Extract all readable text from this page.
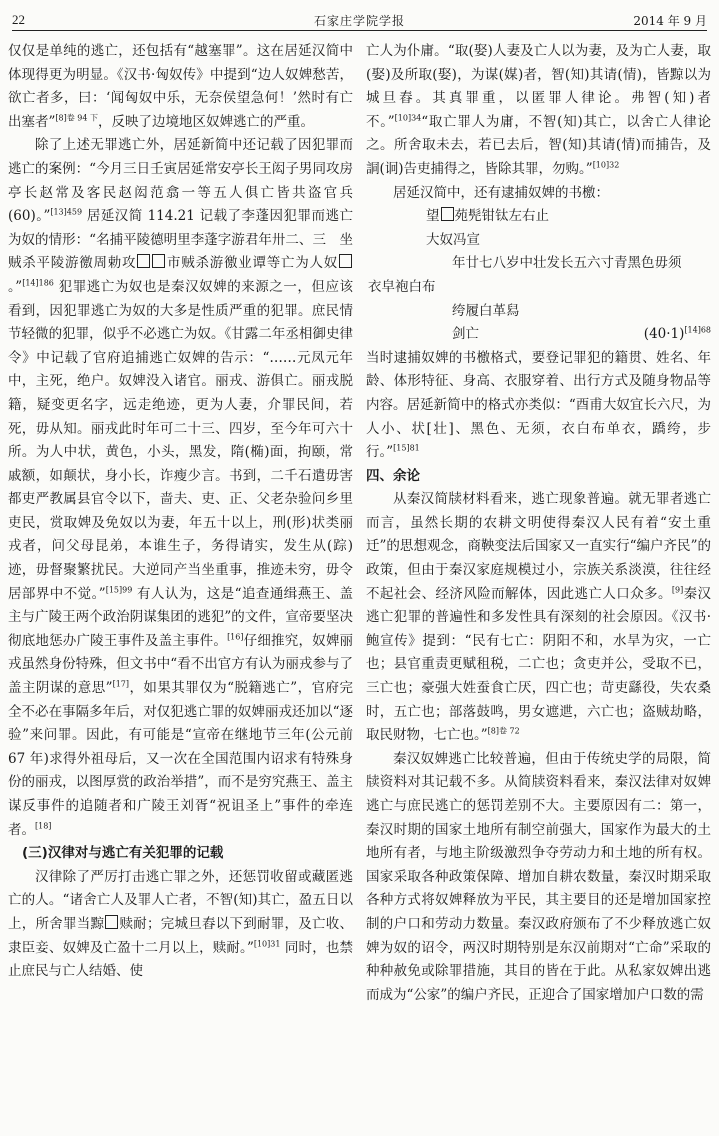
22	石家庄学院学报	2014 年 9 月

仅仅是单纯的逃亡，还包括有“越塞罪”。这在居延汉简中体现得更为明显。《汉书·匈奴传》中提到“边人奴婢愁苦，欲亡者多，曰：‘闻匈奴中乐，无奈侯望急何！’然时有亡出塞者”$^{[8]卷 94 下}$，反映了边境地区奴婢逃亡的严重。

除了上述无罪逃亡外，居延新简中还记载了因犯罪而逃亡的案例：“今月三日壬寅居延常安亭长王闳子男同攻房亭长赵常及客民赵闳范翕一等五人俱亡皆共盗官兵(60)。”$^{[13]459}$ 居延汉简 114.21 记载了李蓬因犯罪而逃亡为奴的情形：“名捕平陵德明里李蓬字游君年卅二、三　坐贼杀平陵游徼周勅攻 市贼杀游徼业谭等亡为人奴。”$^{[14]186}$ 犯罪逃亡为奴也是秦汉奴婢的来源之一，但应该看到，因犯罪逃亡为奴的大多是性质严重的犯罪。庶民情节轻微的犯罪，似乎不必逃亡为奴。《甘露二年丞相御史律令》中记载了官府追捕逃亡奴婢的告示：“……元凤元年中，主死，绝户。奴婢没入诸官。丽戎、游俱亡。丽戎脱籍，疑变更名字，远走绝迹，更为人妻，介罪民间，若死，毋从知。丽戎此时年可二十三、四岁，至今年可六十所。为人中状，黄色，小头，黑发，隋(椭)面，拘颐，常戚额，如颠状，身小长，诈瘦少言。书到，二千石遣毋害都吏严教属县官令以下，啬夫、吏、正、父老杂验问乡里吏民，赏取婢及免奴以为妻，年五十以上，刑(形)状类丽戎者，问父母昆弟，本谁生子，务得请实，发生从(踪)迹，毋督聚繁扰民。大逆同产当坐重事，推迹未穷，毋令居部界中不觉。”$^{[15]99}$ 有人认为，这是“追查通缉燕王、盖主与广陵王两个政治阴谋集团的逃犯”的文件，宣帝要坚决彻底地惩办广陵王事件及盖主事件。[16]仔细推究，奴婢丽戎虽然身份特殊，但文书中“看不出官方有认为丽戎参与了盖主阴谋的意思”[17]，如果其罪仅为“脱籍逃亡”，官府完全不必在事隔多年后，对仅犯逃亡罪的奴婢丽戎还加以“逐验”来问罪。因此，有可能是“宣帝在继地节三年(公元前 67 年)求得外祖母后，又一次在全国范围内诏求有特殊身份的丽戎，以图厚赏的政治举措”，而不是穷究燕王、盖主谋反事件的追随者和广陵王刘胥“祝诅圣上”事件的牵连者。[18]

(三)汉律对与逃亡有关犯罪的记载

汉律除了严厉打击逃亡罪之外，还惩罚收留或藏匿逃亡的人。“诸舍亡人及罪人亡者，不智(知)其亡，盈五日以上，所舍罪当黥 赎耐；完城旦舂以下到耐罪，及亡收、隶臣妾、奴婢及亡盈十二月以上，赎耐。”$^{[10]31}$ 同时，也禁止庶民与亡人结婚、使

亡人为仆庸。“取(娶)人妻及亡人以为妻，及为亡人妻，取(娶)及所取(娶)，为谋(媒)者，智(知)其请(情)，皆黥以为城旦舂。其真罪重，以匿罪人律论。弗智(知)者不。”$^{[10]34}$“取亡罪人为庸，不智(知)其亡，以舍亡人律论之。所舍取未去，若已去后，智(知)其请(情)而捕告，及詷(诇)告吏捕得之，皆除其罪，勿购。”$^{[10]32}$

居延汉简中，还有逮捕奴婢的书檄：

望 苑髡钳钛左右止

大奴冯宣

年廿七八岁中壮发长五六寸青黑色毋须

衣皁袍白布

绔履白革舄

剑亡	$(40\cdot 1)^{[14]68}$

当时逮捕奴婢的书檄格式，要登记罪犯的籍贯、姓名、年龄、体形特征、身高、衣服穿着、出行方式及随身物品等内容。居延新简中的格式亦类似：“酉甫大奴宜长六尺，为人小、状[壮]、黑色、无须，衣白布单衣，蹻绔，步行。”$^{[15]81}$

四、余论

从秦汉简牍材料看来，逃亡现象普遍。就无罪者逃亡而言，虽然长期的农耕文明使得秦汉人民有着“安土重迁”的思想观念，商鞅变法后国家又一直实行“编户齐民”的政策，但由于秦汉家庭规模过小，宗族关系淡漠，往往经不起社会、经济风险而解体，因此逃亡人口众多。[9]秦汉逃亡犯罪的普遍性和多发性具有深刻的社会原因。《汉书·鲍宣传》提到：“民有七亡：阴阳不和，水旱为灾，一亡也；县官重责更赋租税，二亡也；贪吏并公，受取不已，三亡也；豪强大姓蚕食亡厌，四亡也；苛吏繇役，失农桑时，五亡也；部落鼓鸣，男女遮迣，六亡也；盗贼劫略，取民财物，七亡也。”$^{[8]卷 72}$

秦汉奴婢逃亡比较普遍，但由于传统史学的局限，简牍资料对其记载不多。从简牍资料看来，秦汉法律对奴婢逃亡与庶民逃亡的惩罚差别不大。主要原因有二：第一，秦汉时期的国家土地所有制空前强大，国家作为最大的土地所有者，与地主阶级激烈争夺劳动力和土地的所有权。国家采取各种政策保障、增加自耕农数量，秦汉时期采取各种方式将奴婢释放为平民，其主要目的还是增加国家控制的户口和劳动力数量。秦汉政府颁布了不少释放逃亡奴婢为奴的诏令，两汉时期特别是东汉前期对“亡命”采取的种种赦免或除罪措施，其目的皆在于此。从私家奴婢出逃而成为“公家”的编户齐民，正迎合了国家增加户口数的需
